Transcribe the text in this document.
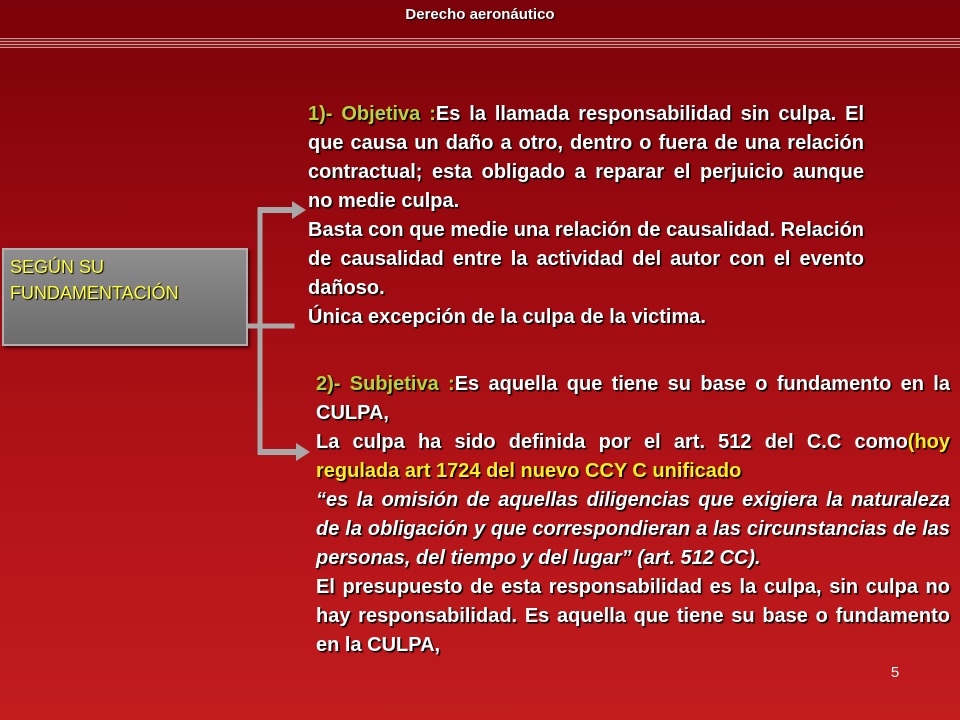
Derecho aeronáutico
SEGÚN SU
FUNDAMENTACIÓN
1)- Objetiva :Es la llamada responsabilidad sin culpa. El que causa un daño a otro, dentro o fuera de una relación contractual; esta obligado a reparar el perjuicio aunque no medie culpa.
Basta con que medie una relación de causalidad. Relación de causalidad entre la actividad del autor con el evento dañoso.
Única excepción de la culpa de la victima.
2)- Subjetiva :Es aquella que tiene su base o fundamento en la CULPA,
La culpa ha sido definida por el art. 512 del C.C como(hoy regulada art 1724 del nuevo CCY C unificado
“es la omisión de aquellas diligencias que exigiera la naturaleza de la obligación y que correspondieran a las circunstancias de las personas, del tiempo y del lugar” (art. 512 CC).
El presupuesto de esta responsabilidad es la culpa, sin culpa no hay responsabilidad. Es aquella que tiene su base o fundamento en la CULPA,
5
